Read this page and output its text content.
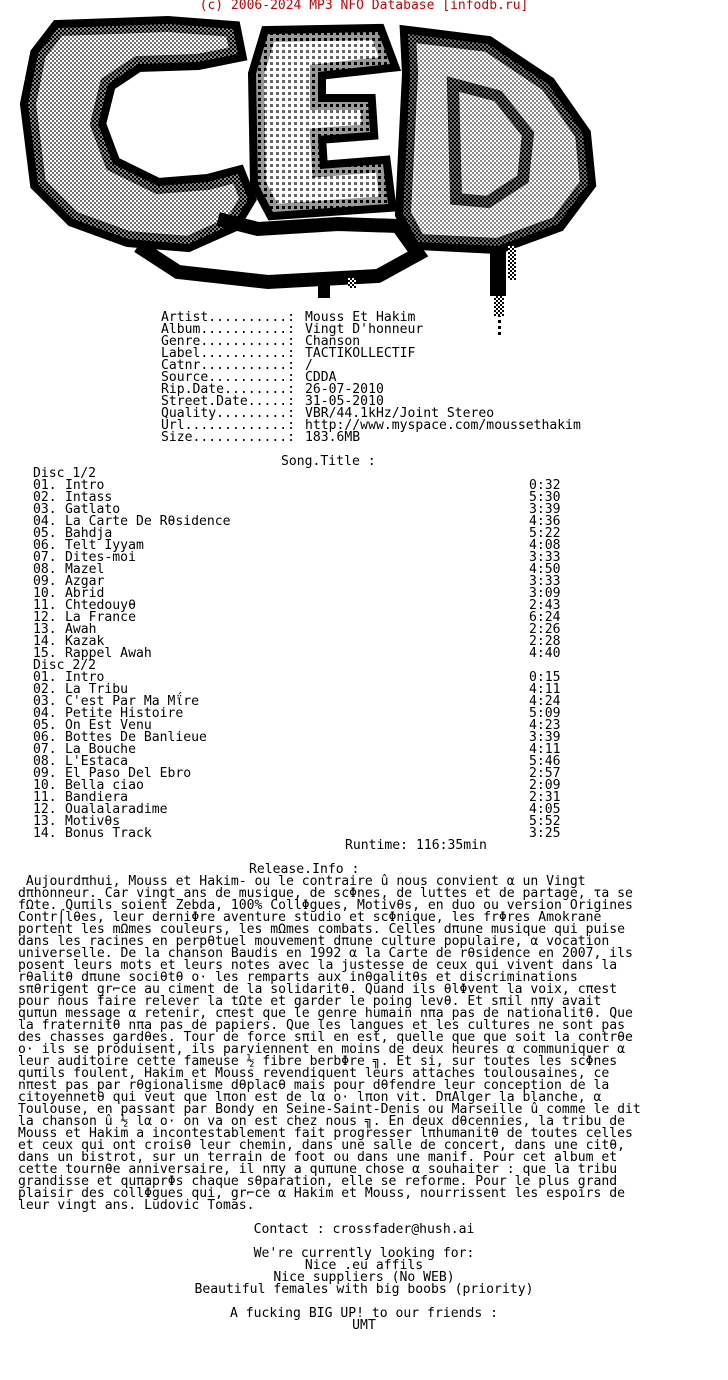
(c) 2006-2024 MP3 NFO Database [infodb.ru]
Song.Title :
Runtime: 116:35min
Release.Info :
Contact : crossfader@hush.ai
A fucking BIG UP! to our friends :
UMT
Artist..........: Mouss Et Hakim
Album...........: Vingt D'honneur
Genre...........: Chanson
Label...........: TACTIKOLLECTIF
Catnr...........: /
Source..........: CDDA
Rip.Date........: 26-07-2010
Street.Date.....: 31-05-2010
Quality.........: VBR/44.1kHz/Joint Stereo
Url.............: http://www.myspace.com/moussethakim
Size............: 183.6MB
Disc 1/2
01. Intro	0:32
02. Intass	5:30
03. Gatlato	3:39
04. La Carte De Rθsidence	4:36
05. Bahdja	5:22
06. Telt Iyyam	4:08
07. Dites-moi	3:33
08. Mazel	4:50
09. Azgar	3:33
10. Abrid	3:09
11. Chtedouyθ	2:43
12. La France	6:24
13. Awah	2:26
14. Kazak	2:28
15. Rappel Awah	4:40
Disc 2/2
01. Intro	0:15
02. La Tribu	4:11
03. C'est Par Ma Mΐre	4:24
04. Petite Histoire	5:09
05. On Est Venu	4:23
06. Bottes De Banlieue	3:39
07. La Bouche	4:11
08. L'Estaca	5:46
09. El Paso Del Ebro	2:57
10. Bella ciao	2:09
11. Bandiera	2:31
12. Oualalaradime	4:05
13. Motivθs	5:52
14. Bonus Track	3:25
Aujourdπhui, Mouss et Hakim- ou le contraire û nous convient α un Vingt
dπhonneur. Car vingt ans de musique, de scΦnes, de luttes et de partage, τa se
fΩte. Quπils soient Zebda, 100% CollΦgues, Motivθs, en duo ou version Origines
Contr⌠lθes, leur derniΦre aventure studio et scΦnique, les frΦres Amokrane
portent les mΩmes couleurs, les mΩmes combats. Celles dπune musique qui puise
dans les racines en perpθtuel mouvement dπune culture populaire, α vocation
universelle. De la chanson Baudis en 1992 α la Carte de rθsidence en 2007, ils
posent leurs mots et leurs notes avec la justesse de ceux qui vivent dans la
rθalitθ dπune sociθtθ o· les remparts aux inθgalitθs et discriminations
sπθrigent gr⌐ce au ciment de la solidaritθ. Quand ils θlΦvent la voix, cπest
pour nous faire relever la tΩte et garder le poing levθ. Et sπil nπy avait
quπun message α retenir, cπest que le genre humain nπa pas de nationalitθ. Que
la fraternitθ nπa pas de papiers. Que les langues et les cultures ne sont pas
des chasses gardθes. Tour de force sπil en est, quelle que que soit la contrθe
o· ils se produisent, ils parviennent en moins de deux heures α communiquer α
leur auditoire cette fameuse ½ fibre berbΦre ╗. Et si, sur toutes les scΦnes
quπils foulent, Hakim et Mouss revendiquent leurs attaches toulousaines, ce
nπest pas par rθgionalisme dθplacθ mais pour dθfendre leur conception de la
citoyennetθ qui veut que lπon est de lα o· lπon vit. DπAlger la blanche, α
Toulouse, en passant par Bondy en Seine-Saint-Denis ou Marseille û comme le dit
la chanson û ½ lα o· on va on est chez nous ╗. En deux dθcennies, la tribu de
Mouss et Hakim a incontestablement fait progresser lπhumanitθ de toutes celles
et ceux qui ont croisθ leur chemin, dans une salle de concert, dans une citθ,
dans un bistrot, sur un terrain de foot ou dans une manif. Pour cet album et
cette tournθe anniversaire, il nπy a quπune chose α souhaiter : que la tribu
grandisse et quπaprΦs chaque sθparation, elle se reforme. Pour le plus grand
plaisir des collΦgues qui, gr⌐ce α Hakim et Mouss, nourrissent les espoirs de
leur vingt ans. Ludovic Tomas.
We're currently looking for:
Nice .eu affils
Nice suppliers (No WEB)
Beautiful females with big boobs (priority)
